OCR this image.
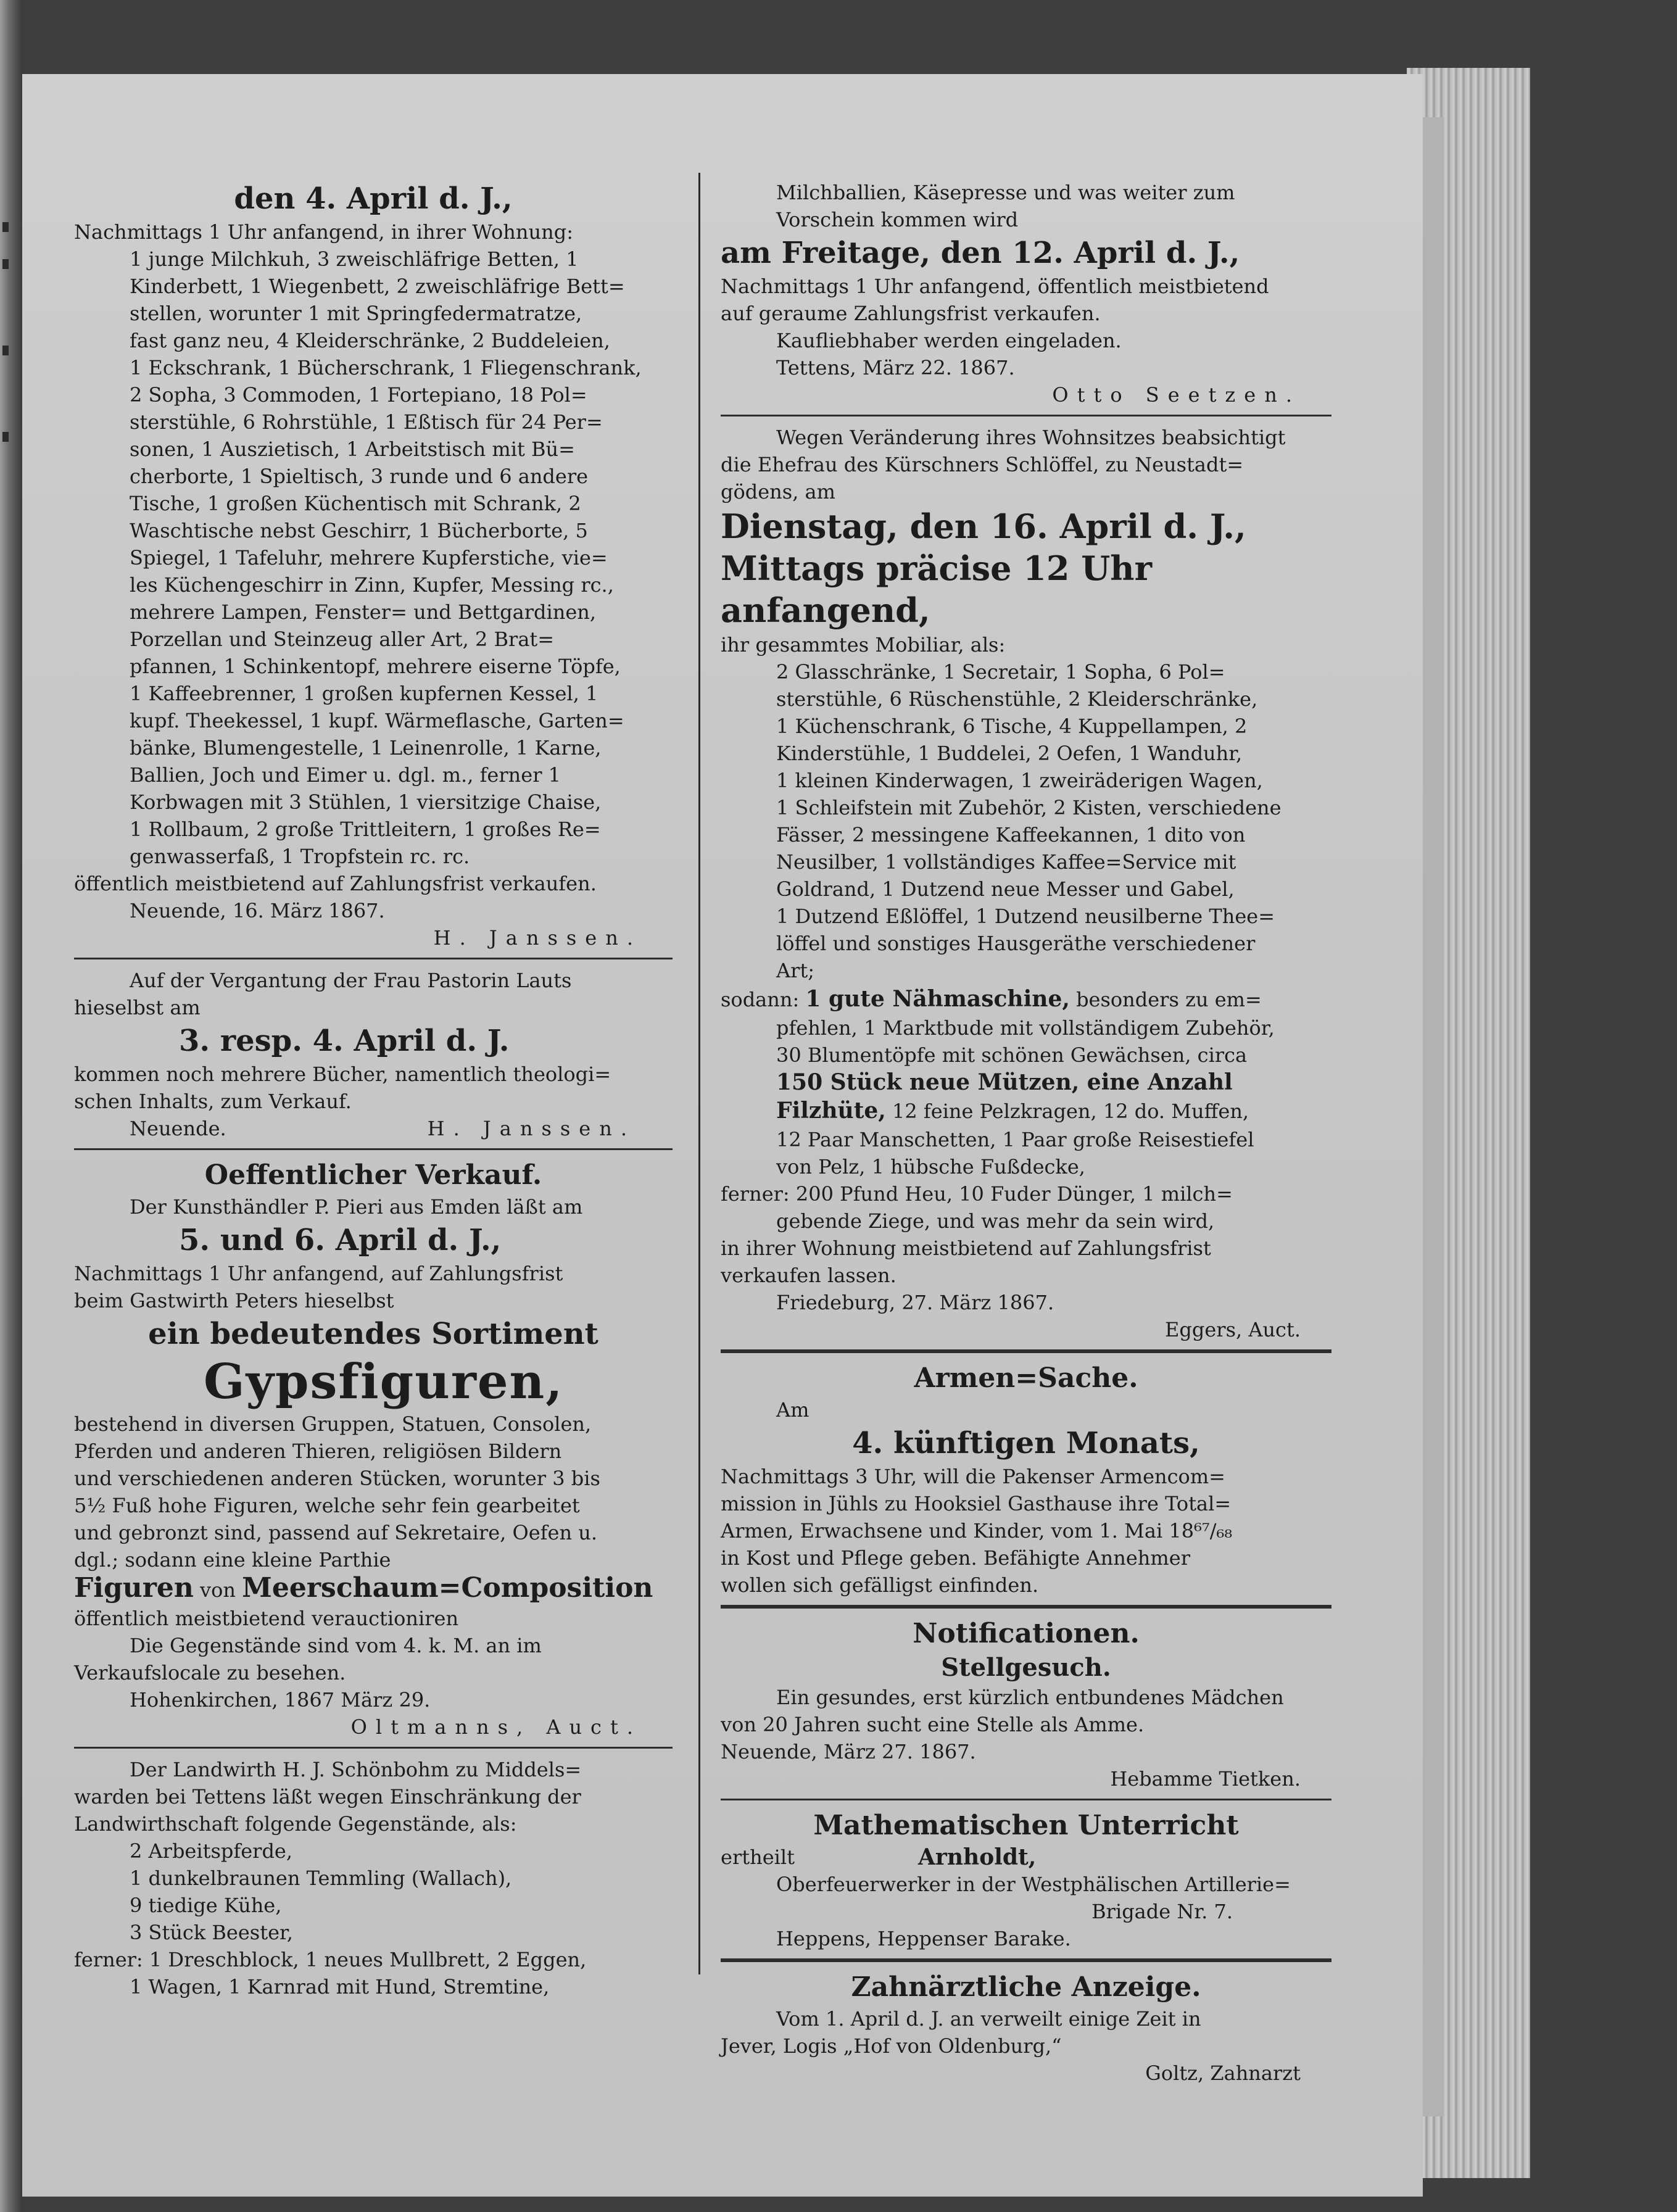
den 4. April d. J.,
Nachmittags 1 Uhr anfangend, in ihrer Wohnung:
1 junge Milchkuh, 3 zweischläfrige Betten, 1
Kinderbett, 1 Wiegenbett, 2 zweischläfrige Bett=
stellen, worunter 1 mit Springfedermatratze,
fast ganz neu, 4 Kleiderschränke, 2 Buddeleien,
1 Eckschrank, 1 Bücherschrank, 1 Fliegenschrank,
2 Sopha, 3 Commoden, 1 Fortepiano, 18 Pol=
sterstühle, 6 Rohrstühle, 1 Eßtisch für 24 Per=
sonen, 1 Auszietisch, 1 Arbeitstisch mit Bü=
cherborte, 1 Spieltisch, 3 runde und 6 andere
Tische, 1 großen Küchentisch mit Schrank, 2
Waschtische nebst Geschirr, 1 Bücherborte, 5
Spiegel, 1 Tafeluhr, mehrere Kupferstiche, vie=
les Küchengeschirr in Zinn, Kupfer, Messing rc.,
mehrere Lampen, Fenster= und Bettgardinen,
Porzellan und Steinzeug aller Art, 2 Brat=
pfannen, 1 Schinkentopf, mehrere eiserne Töpfe,
1 Kaffeebrenner, 1 großen kupfernen Kessel, 1
kupf. Theekessel, 1 kupf. Wärmeflasche, Garten=
bänke, Blumengestelle, 1 Leinenrolle, 1 Karne,
Ballien, Joch und Eimer u. dgl. m., ferner 1
Korbwagen mit 3 Stühlen, 1 viersitzige Chaise,
1 Rollbaum, 2 große Trittleitern, 1 großes Re=
genwasserfaß, 1 Tropfstein rc. rc.
öffentlich meistbietend auf Zahlungsfrist verkaufen.
Neuende, 16. März 1867.
H. Janssen.
Auf der Vergantung der Frau Pastorin Lauts
hieselbst am
3. resp. 4. April d. J.
kommen noch mehrere Bücher, namentlich theologi=
schen Inhalts, zum Verkauf.
Neuende.	H. Janssen.
Oeffentlicher Verkauf.
Der Kunsthändler P. Pieri aus Emden läßt am
5. und 6. April d. J.,
Nachmittags 1 Uhr anfangend, auf Zahlungsfrist
beim Gastwirth Peters hieselbst
ein bedeutendes Sortiment
Gypsfiguren,
bestehend in diversen Gruppen, Statuen, Consolen,
Pferden und anderen Thieren, religiösen Bildern
und verschiedenen anderen Stücken, worunter 3 bis
5½ Fuß hohe Figuren, welche sehr fein gearbeitet
und gebronzt sind, passend auf Sekretaire, Oefen u.
dgl.; sodann eine kleine Parthie
Figuren von Meerschaum=Composition
öffentlich meistbietend verauctioniren
Die Gegenstände sind vom 4. k. M. an im
Verkaufslocale zu besehen.
Hohenkirchen, 1867 März 29.
Oltmanns, Auct.
Der Landwirth H. J. Schönbohm zu Middels=
warden bei Tettens läßt wegen Einschränkung der
Landwirthschaft folgende Gegenstände, als:
2 Arbeitspferde,
1 dunkelbraunen Temmling (Wallach),
9 tiedige Kühe,
3 Stück Beester,
ferner: 1 Dreschblock, 1 neues Mullbrett, 2 Eggen,
1 Wagen, 1 Karnrad mit Hund, Stremtine,
Milchballien, Käsepresse und was weiter zum
Vorschein kommen wird
am Freitage, den 12. April d. J.,
Nachmittags 1 Uhr anfangend, öffentlich meistbietend
auf geraume Zahlungsfrist verkaufen.
Kaufliebhaber werden eingeladen.
Tettens, März 22. 1867.
Otto Seetzen.
Wegen Veränderung ihres Wohnsitzes beabsichtigt
die Ehefrau des Kürschners Schlöffel, zu Neustadt=
gödens, am
Dienstag, den 16. April d. J.,
Mittags präcise 12 Uhr anfangend,
ihr gesammtes Mobiliar, als:
2 Glasschränke, 1 Secretair, 1 Sopha, 6 Pol=
sterstühle, 6 Rüschenstühle, 2 Kleiderschränke,
1 Küchenschrank, 6 Tische, 4 Kuppellampen, 2
Kinderstühle, 1 Buddelei, 2 Oefen, 1 Wanduhr,
1 kleinen Kinderwagen, 1 zweiräderigen Wagen,
1 Schleifstein mit Zubehör, 2 Kisten, verschiedene
Fässer, 2 messingene Kaffeekannen, 1 dito von
Neusilber, 1 vollständiges Kaffee=Service mit
Goldrand, 1 Dutzend neue Messer und Gabel,
1 Dutzend Eßlöffel, 1 Dutzend neusilberne Thee=
löffel und sonstiges Hausgeräthe verschiedener
Art;
sodann: 1 gute Nähmaschine, besonders zu em=
pfehlen, 1 Marktbude mit vollständigem Zubehör,
30 Blumentöpfe mit schönen Gewächsen, circa
150 Stück neue Mützen, eine Anzahl
Filzhüte, 12 feine Pelzkragen, 12 do. Muffen,
12 Paar Manschetten, 1 Paar große Reisestiefel
von Pelz, 1 hübsche Fußdecke,
ferner: 200 Pfund Heu, 10 Fuder Dünger, 1 milch=
gebende Ziege, und was mehr da sein wird,
in ihrer Wohnung meistbietend auf Zahlungsfrist
verkaufen lassen.
Friedeburg, 27. März 1867.
Eggers, Auct.
Armen=Sache.
Am
4. künftigen Monats,
Nachmittags 3 Uhr, will die Pakenser Armencom=
mission in Jühls zu Hooksiel Gasthause ihre Total=
Armen, Erwachsene und Kinder, vom 1. Mai 18⁶⁷/₆₈
in Kost und Pflege geben. Befähigte Annehmer
wollen sich gefälligst einfinden.
Notificationen.
Stellgesuch.
Ein gesundes, erst kürzlich entbundenes Mädchen
von 20 Jahren sucht eine Stelle als Amme.
Neuende, März 27. 1867.
Hebamme Tietken.
Mathematischen Unterricht
ertheilt	Arnholdt,
Oberfeuerwerker in der Westphälischen Artillerie=
Brigade Nr. 7.
Heppens, Heppenser Barake.
Zahnärztliche Anzeige.
Vom 1. April d. J. an verweilt einige Zeit in
Jever, Logis „Hof von Oldenburg,“
Goltz, Zahnarzt
